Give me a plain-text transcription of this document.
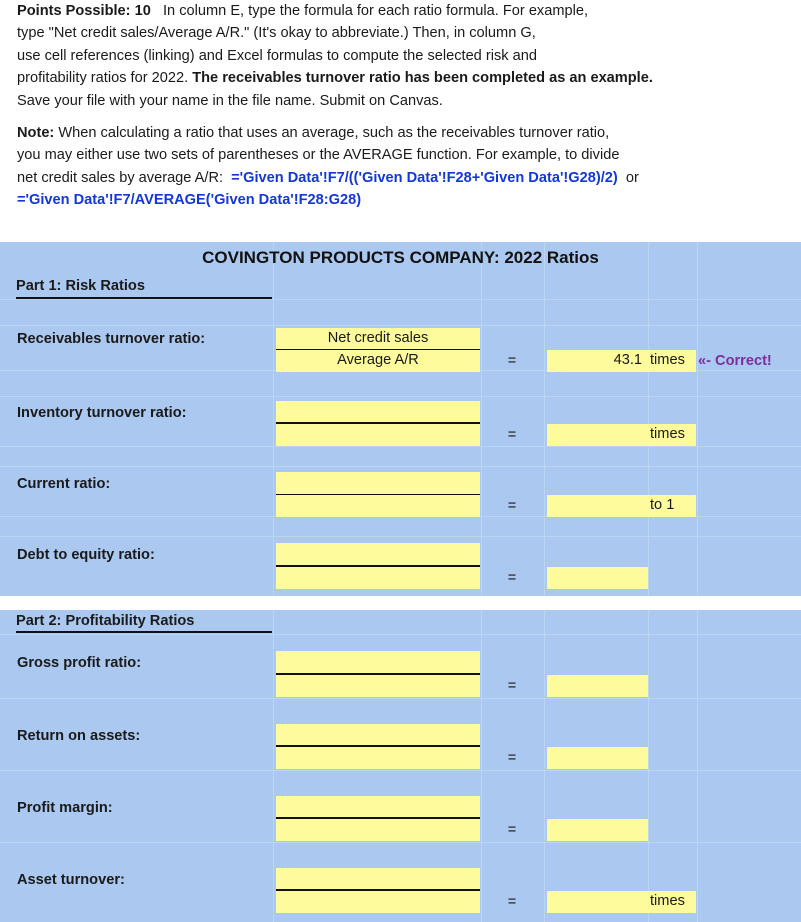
Points Possible: 10 In column E, type the formula for each ratio formula. For example,

type "Net credit sales/Average A/R." (It's okay to abbreviate.) Then, in column G,

use cell references (linking) and Excel formulas to compute the selected risk and

profitability ratios for 2022. The receivables turnover ratio has been completed as an example.

Save your file with your name in the file name. Submit on Canvas.

Note: When calculating a ratio that uses an average, such as the receivables turnover ratio,

you may either use two sets of parentheses or the AVERAGE function. For example, to divide

net credit sales by average A/R: ='Given Data'!F7/(('Given Data'!F28+'Given Data'!G28)/2) or

='Given Data'!F7/AVERAGE('Given Data'!F28:G28)

COVINGTON PRODUCTS COMPANY: 2022 Ratios
Part 1: Risk Ratios
Receivables turnover ratio:	Net credit sales
Average A/R	=	43.1 times «- Correct!
Inventory turnover ratio:
=	times
Current ratio:
=	to 1
Debt to equity ratio:
=
Part 2: Profitability Ratios
Gross profit ratio:
=
Return on assets:
=
Profit margin:
=
Asset turnover:
=	times
